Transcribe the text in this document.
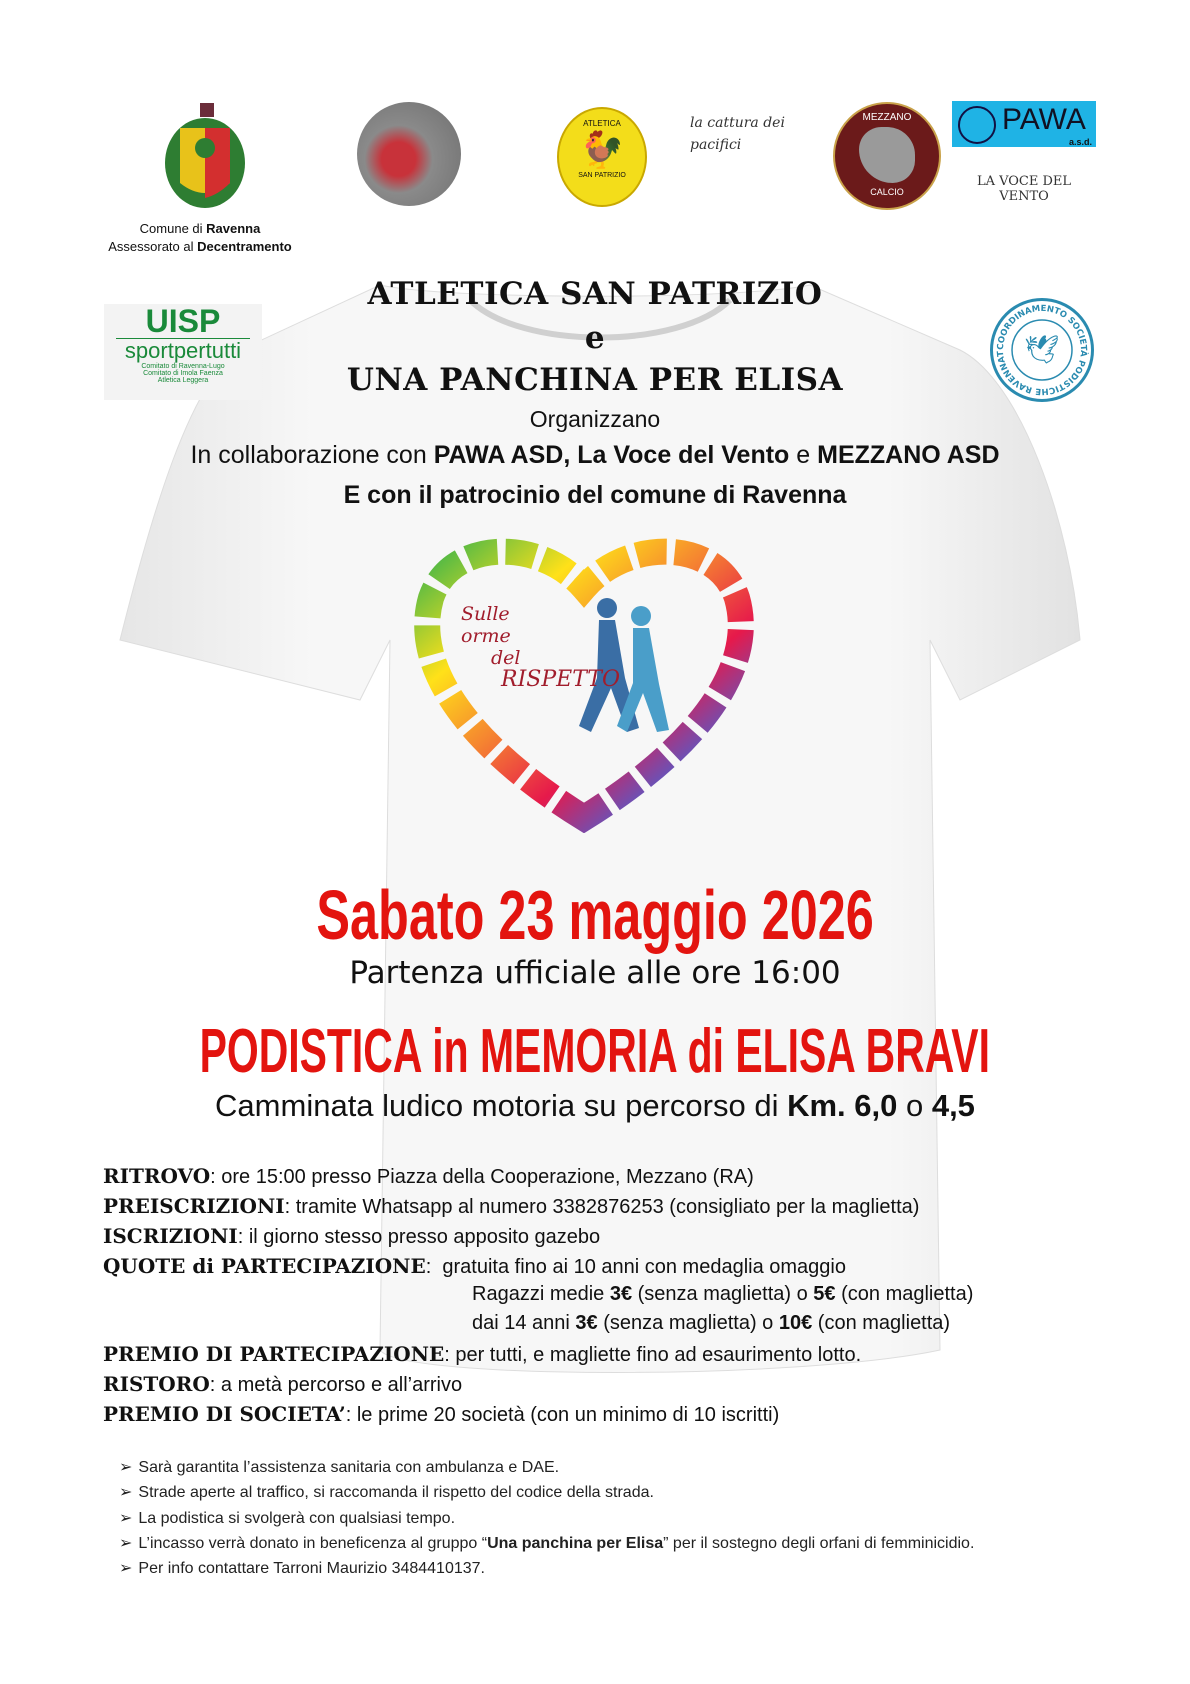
Comune di Ravenna
Assessorato al Decentramento
ATLETICA
🐓
SAN PATRIZIO
la cattura dei pacifici
MEZZANO
CALCIO
PAWA
a.s.d.
LA VOCE DEL VENTO
UISP
sportpertutti
Comitato di Ravenna-Lugo
Comitato di Imola Faenza
Atletica Leggera
COORDINAMENTO SOCIETÀ PODISTICHE RAVENNAT 🕊
ATLETICA SAN PATRIZIO
e
UNA PANCHINA PER ELISA
Organizzano
In collaborazione con PAWA ASD, La Voce del Vento e MEZZANO ASD
E con il patrocinio del comune di Ravenna
Sulle
orme
del
RISPETTO
Sabato 23 maggio 2026
Partenza ufficiale alle ore 16:00
PODISTICA in MEMORIA di ELISA BRAVI
Camminata ludico motoria su percorso di Km. 6,0 o 4,5
RITROVO: ore 15:00 presso Piazza della Cooperazione, Mezzano (RA)
PREISCRIZIONI: tramite Whatsapp al numero 3382876253 (consigliato per la maglietta)
ISCRIZIONI: il giorno stesso presso apposito gazebo
QUOTE di PARTECIPAZIONE:  gratuita fino ai 10 anni con medaglia omaggio
Ragazzi medie 3€ (senza maglietta) o 5€ (con maglietta)
dai 14 anni 3€ (senza maglietta) o 10€ (con maglietta)
PREMIO DI PARTECIPAZIONE: per tutti, e magliette fino ad esaurimento lotto.
RISTORO: a metà percorso e all’arrivo
PREMIO DI SOCIETA’: le prime 20 società (con un minimo di 10 iscritti)
➢ Sarà garantita l’assistenza sanitaria con ambulanza e DAE.
➢ Strade aperte al traffico, si raccomanda il rispetto del codice della strada.
➢ La podistica si svolgerà con qualsiasi tempo.
➢ L’incasso verrà donato in beneficenza al gruppo “Una panchina per Elisa” per il sostegno degli orfani di femminicidio.
➢ Per info contattare Tarroni Maurizio 3484410137.
